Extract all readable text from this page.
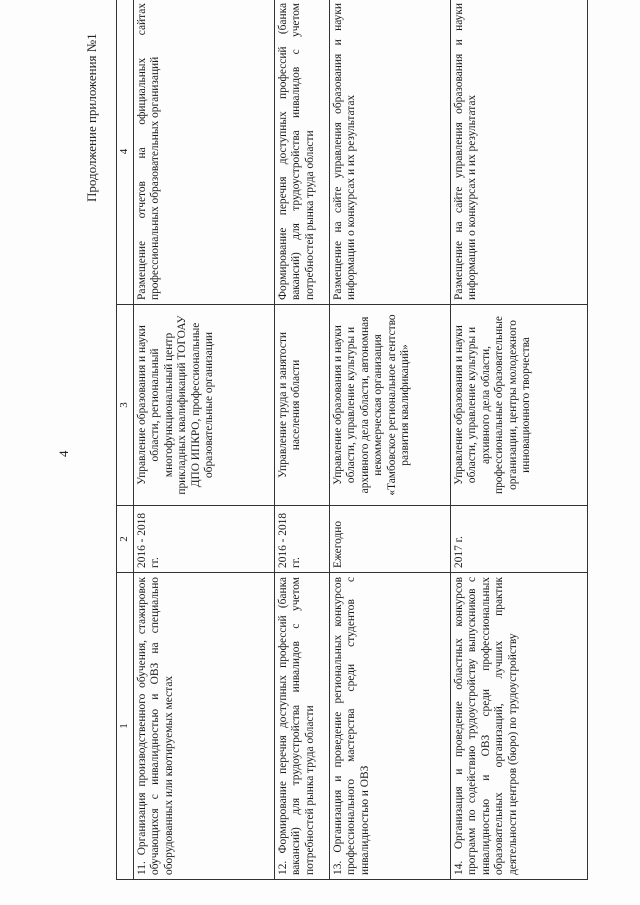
4
Продолжение приложения №1
1	2	3	4
11. Организация производственного обучения, стажировок обучающихся с инвалидностью и ОВЗ на специально оборудованных или квотируемых местах	2016 - 2018 гг.	Управление образования и науки области, региональный многофункциональный центр прикладных квалификаций ТОГОАУ ДПО ИПКРО, профессиональные образовательные организации	Размещение отчетов на официальных сайтах профессиональных образовательных организаций
12. Формирование перечня доступных профессий (банка вакансий) для трудоустройства инвалидов с учетом потребностей рынка труда области	2016 - 2018 гг.	Управление труда и занятости населения области	Формирование перечня доступных профессий (банка вакансий) для трудоустройства инвалидов с учетом потребностей рынка труда области
13. Организация и проведение региональных конкурсов профессионального мастерства среди студентов с инвалидностью и ОВЗ	Ежегодно	Управление образования и науки области, управление культуры и архивного дела области, автономная некоммерческая организация «Тамбовское региональное агентство развития квалификаций»	Размещение на сайте управления образования и науки информации о конкурсах и их результатах
14. Организация и проведение областных конкурсов программ по содействию трудоустройству выпускников с инвалидностью и ОВЗ среди профессиональных образовательных организаций, лучших практик деятельности центров (бюро) по трудоустройству	2017 г.	Управление образования и науки области, управление культуры и архивного дела области, профессиональные образовательные организации, центры молодежного инновационного творчества	Размещение на сайте управления образования и науки информации о конкурсах и их результатах
